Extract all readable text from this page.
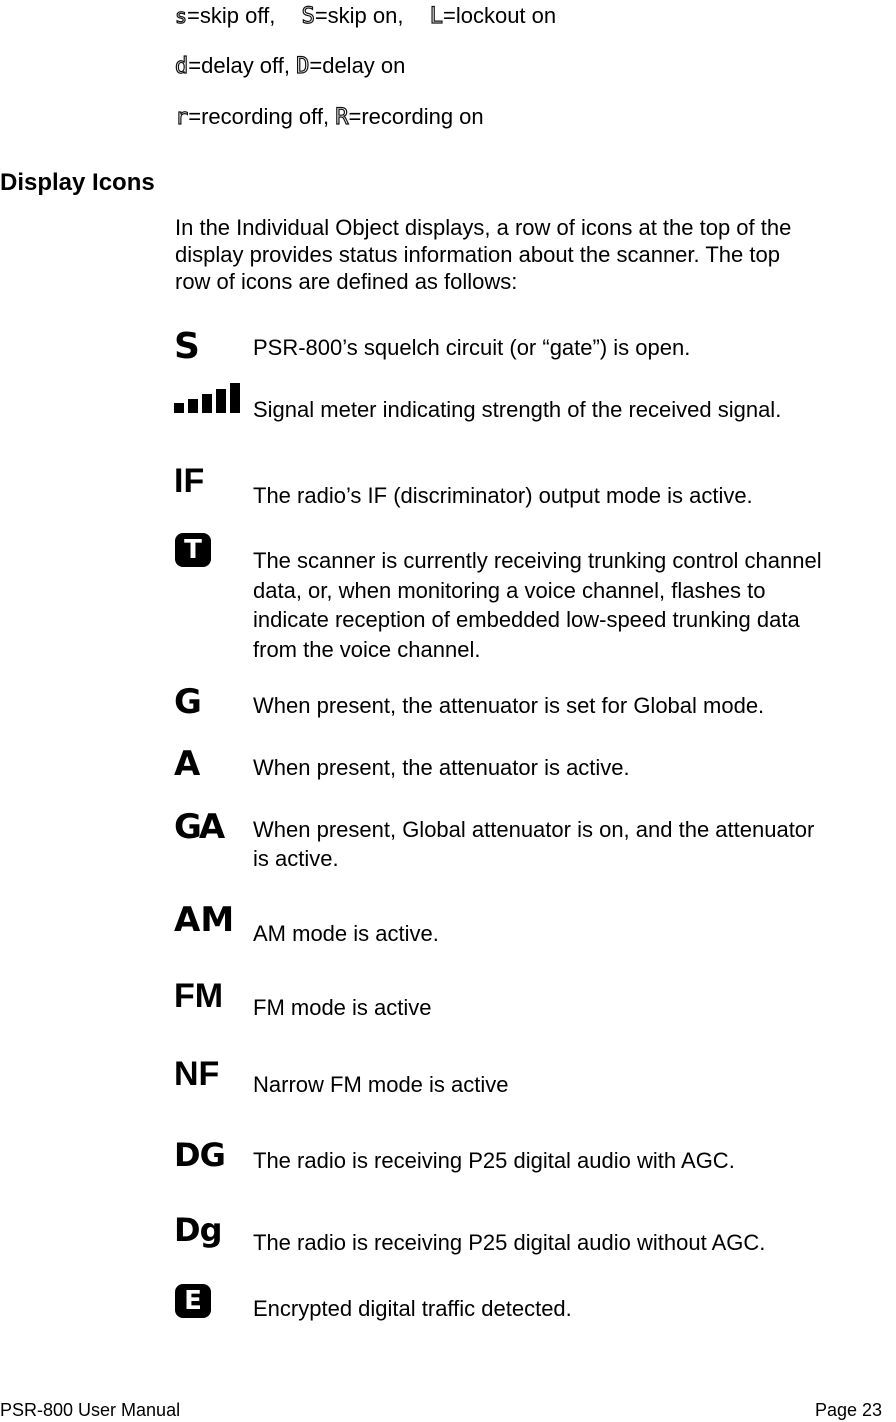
s=skip off, S=skip on, L=lockout on
d=delay off, D=delay on
r=recording off, R=recording on
Display Icons
In the Individual Object displays, a row of icons at the top of the
display provides status information about the scanner. The top
row of icons are defined as follows:
S PSR-800’s squelch circuit (or “gate”) is open.
Signal meter indicating strength of the received signal.
IF The radio’s IF (discriminator) output mode is active.
T	The scanner is currently receiving trunking control channel
data, or, when monitoring a voice channel, flashes to
indicate reception of embedded low-speed trunking data
from the voice channel.
G When present, the attenuator is set for Global mode.
A When present, the attenuator is active.
GA When present, Global attenuator is on, and the attenuator
is active.
AM AM mode is active.
FM FM mode is active
NF Narrow FM mode is active
DG The radio is receiving P25 digital audio with AGC.
Dg The radio is receiving P25 digital audio without AGC.
E	Encrypted digital traffic detected.
PSR-800 User Manual	Page 23
